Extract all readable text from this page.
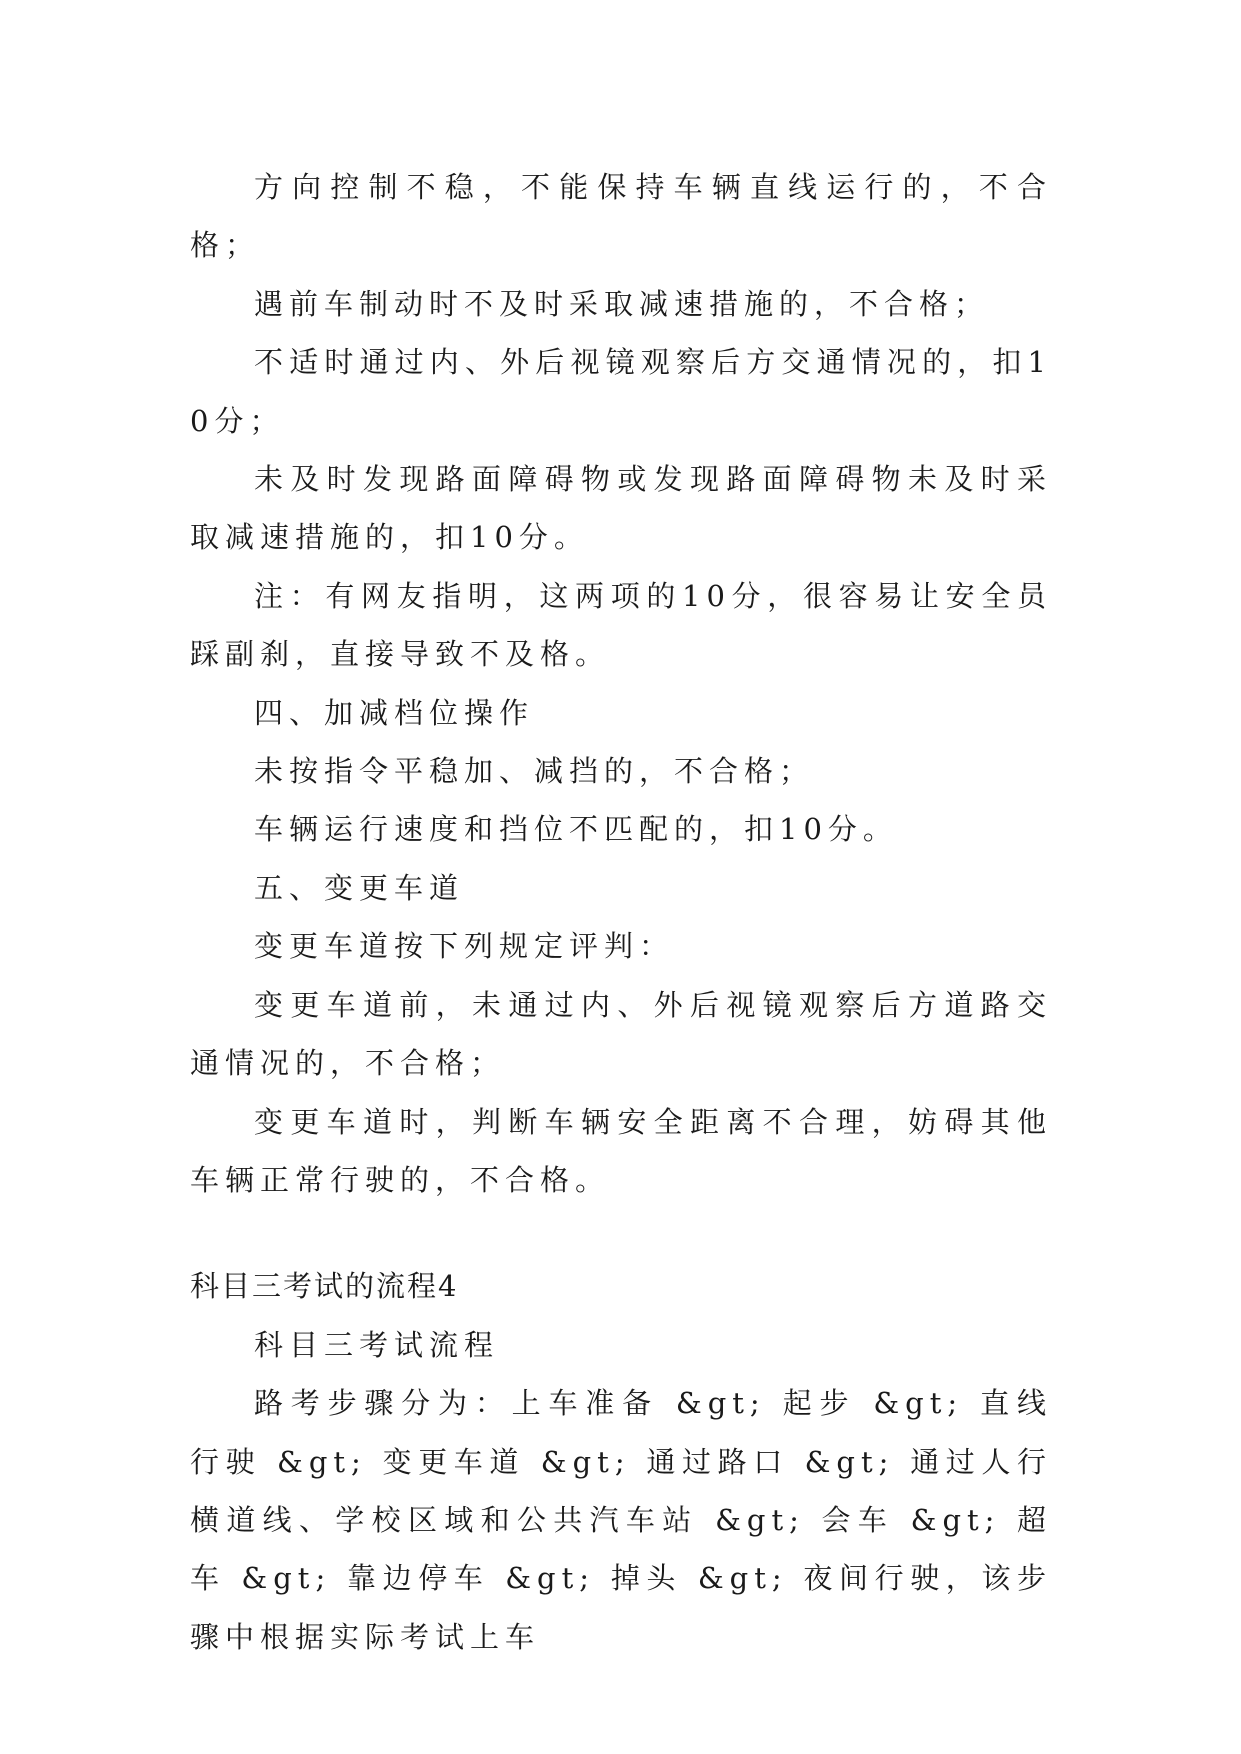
方向控制不稳，不能保持车辆直线运行的，不合格；

遇前车制动时不及时采取减速措施的，不合格；

不适时通过内、外后视镜观察后方交通情况的，扣10分；

未及时发现路面障碍物或发现路面障碍物未及时采取减速措施的，扣10分。

注：有网友指明，这两项的10分，很容易让安全员踩副刹，直接导致不及格。

四、加减档位操作

未按指令平稳加、减挡的，不合格；

车辆运行速度和挡位不匹配的，扣10分。

五、变更车道

变更车道按下列规定评判：

变更车道前，未通过内、外后视镜观察后方道路交通情况的，不合格；

变更车道时，判断车辆安全距离不合理，妨碍其他车辆正常行驶的，不合格。

科目三考试的流程4

科目三考试流程

路考步骤分为：上车准备 &gt; 起步 &gt; 直线行驶 &gt; 变更车道 &gt; 通过路口 &gt; 通过人行横道线、学校区域和公共汽车站 &gt; 会车 &gt; 超车 &gt; 靠边停车 &gt; 掉头 &gt; 夜间行驶，该步骤中根据实际考试上车
